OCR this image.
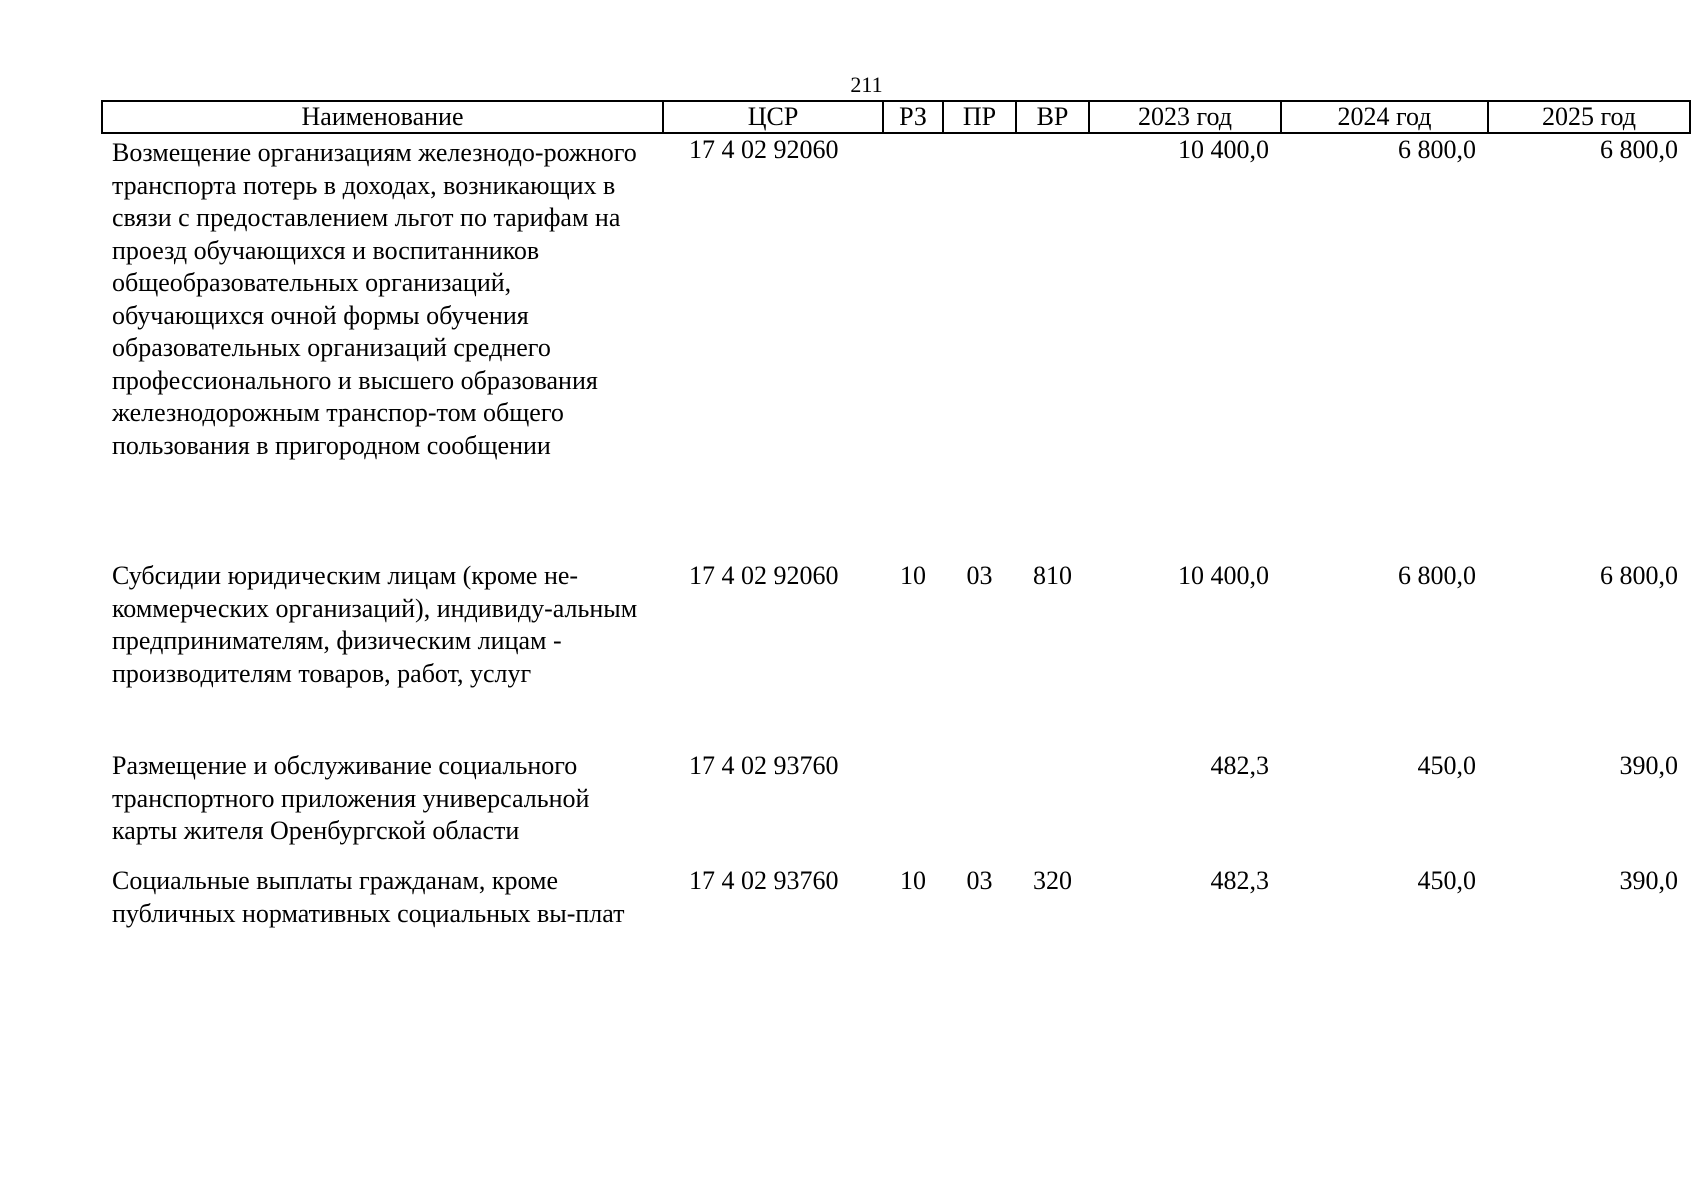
211
Наименование	ЦСР	РЗ	ПР	ВР	2023 год	2024 год	2025 год
Возмещение организациям железнодо-рожного транспорта потерь в доходах, возникающих в связи с предоставлением льгот по тарифам на проезд обучающихся и воспитанников общеобразовательных организаций, обучающихся очной формы обучения образовательных организаций среднего профессионального и высшего образования железнодорожным транспор-том общего пользования в пригородном сообщении	17 4 02 92060				10 400,0	6 800,0	6 800,0
Субсидии юридическим лицам (кроме не-коммерческих организаций), индивиду-альным предпринимателям, физическим лицам - производителям товаров, работ, услуг	17 4 02 92060	10	03	810	10 400,0	6 800,0	6 800,0
Размещение и обслуживание социального транспортного приложения универсальной карты жителя Оренбургской области	17 4 02 93760				482,3	450,0	390,0
Социальные выплаты гражданам, кроме публичных нормативных социальных вы-плат	17 4 02 93760	10	03	320	482,3	450,0	390,0
